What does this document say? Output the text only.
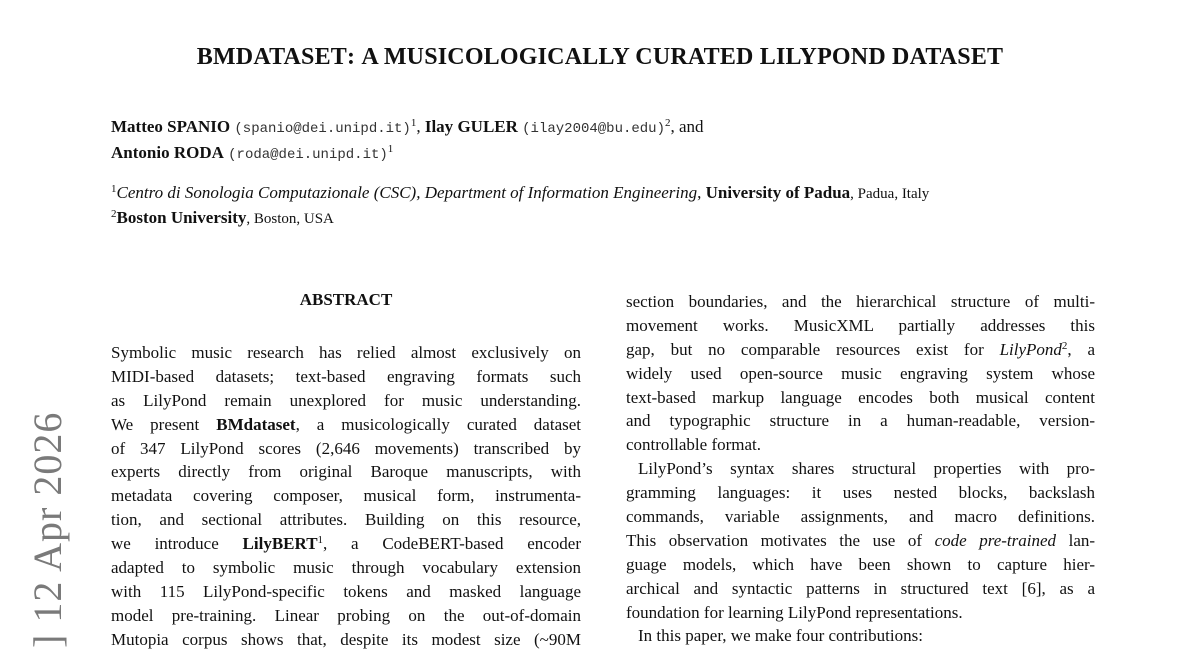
BMDATASET: A MUSICOLOGICALLY CURATED LILYPOND DATASET
Matteo SPANIO (spanio@dei.unipd.it)$^1$, Ilay GULER (ilay2004@bu.edu)$^2$, and
Antonio RODA (roda@dei.unipd.it)$^1$
$^1$Centro di Sonologia Computazionale (CSC), Department of Information Engineering, University of Padua, Padua, Italy
$^2$Boston University, Boston, USA
ABSTRACT
Symbolic music research has relied almost exclusively on
MIDI-based datasets; text-based engraving formats such
as LilyPond remain unexplored for music understanding.
We present BMdataset, a musicologically curated dataset
of 347 LilyPond scores (2,646 movements) transcribed by
experts directly from original Baroque manuscripts, with
metadata covering composer, musical form, instrumenta-
tion, and sectional attributes. Building on this resource,
we introduce LilyBERT$^1$, a CodeBERT-based encoder
adapted to symbolic music through vocabulary extension
with 115 LilyPond-specific tokens and masked language
model pre-training. Linear probing on the out-of-domain
Mutopia corpus shows that, despite its modest size (~90M
section boundaries, and the hierarchical structure of multi-
movement works. MusicXML partially addresses this
gap, but no comparable resources exist for LilyPond$^2$, a
widely used open-source music engraving system whose
text-based markup language encodes both musical content
and typographic structure in a human-readable, version-
controllable format.
LilyPond’s syntax shares structural properties with pro-
gramming languages: it uses nested blocks, backslash
commands, variable assignments, and macro definitions.
This observation motivates the use of code pre-trained lan-
guage models, which have been shown to capture hier-
archical and syntactic patterns in structured text [6], as a
foundation for learning LilyPond representations.
In this paper, we make four contributions:
] 12 Apr 2026
